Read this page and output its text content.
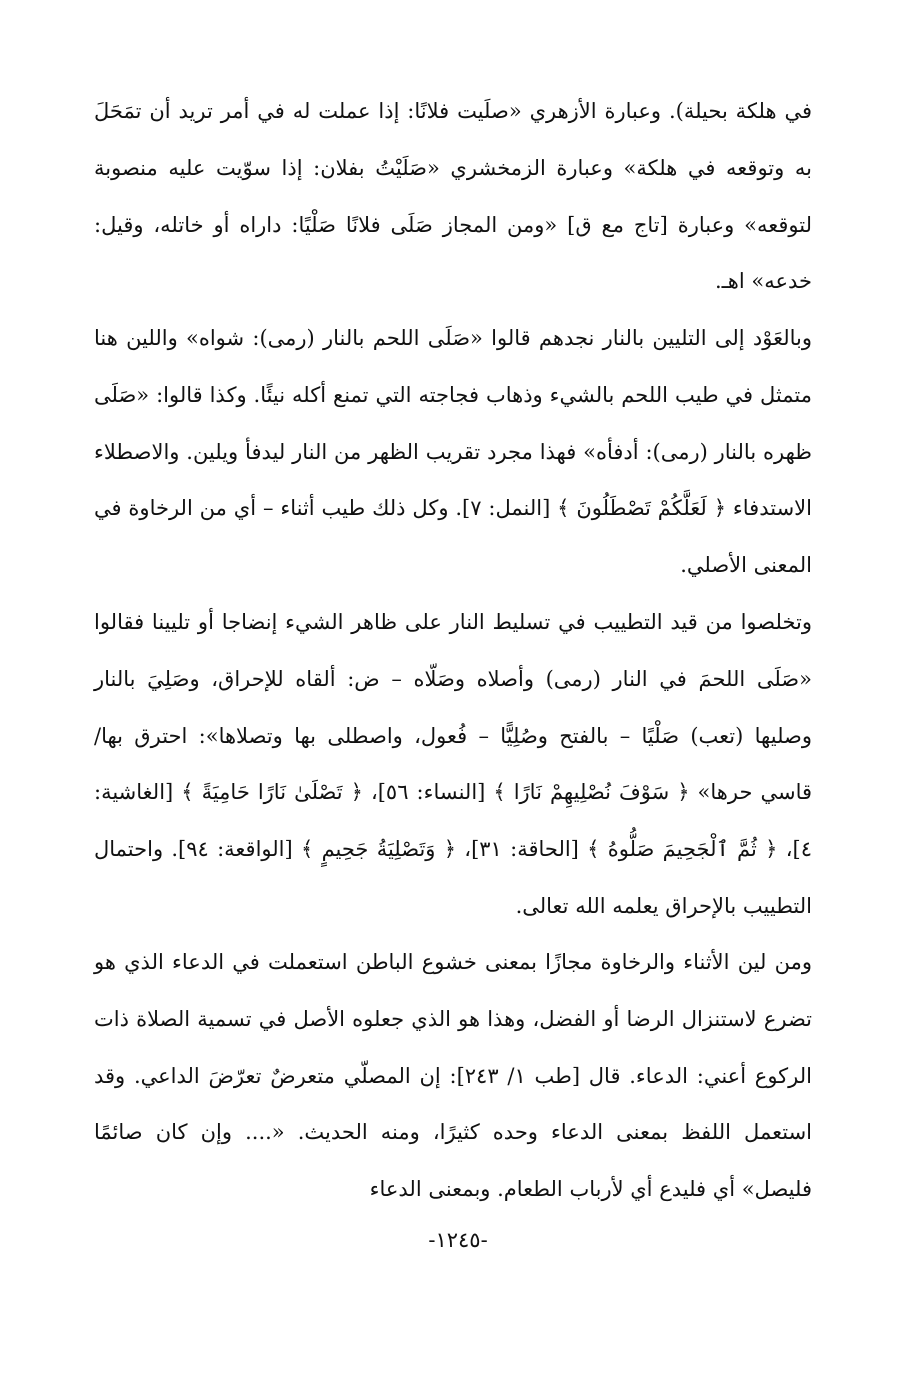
في هلكة بحيلة). وعبارة الأزهري «صلَيت فلانًا: إذا عملت له في أمر تريد أن تمَحَلَ به وتوقعه في هلكة» وعبارة الزمخشري «صَلَيْتُ بفلان: إذا سوّيت عليه منصوبة لتوقعه» وعبارة [تاج مع ق] «ومن المجاز صَلَى فلانًا صَلْيًا: داراه أو خاتله، وقيل: خدعه» اهـ.

وبالعَوْد إلى التليين بالنار نجدهم قالوا «صَلَى اللحم بالنار (رمى): شواه» واللين هنا متمثل في طيب اللحم بالشيء وذهاب فجاجته التي تمنع أكله نيئًا. وكذا قالوا: «صَلَى ظهره بالنار (رمى): أدفأه» فهذا مجرد تقريب الظهر من النار ليدفأ ويلين. والاصطلاء الاستدفاء ﴿ لَعَلَّكُمْ تَصْطَلُونَ ﴾ [النمل: ٧]. وكل ذلك طيب أثناء – أي من الرخاوة في المعنى الأصلي.

وتخلصوا من قيد التطييب في تسليط النار على ظاهر الشيء إنضاجا أو تليينا فقالوا «صَلَى اللحمَ في النار (رمى) وأصلاه وصَلّاه – ض: ألقاه للإحراق، وصَلِيَ بالنار وصليها (تعب) صَلْيًا – بالفتح وصُلِيًّا – فُعول، واصطلى بها وتصلاها»: احترق بها/ قاسي حرها» ﴿ سَوْفَ نُصْلِيهِمْ نَارًا ﴾ [النساء: ٥٦]، ﴿ تَصْلَىٰ نَارًا حَامِيَةً ﴾ [الغاشية: ٤]، ﴿ ثُمَّ ٱلْجَحِيمَ صَلُّوهُ ﴾ [الحاقة: ٣١]، ﴿ وَتَصْلِيَةُ جَحِيمٍ ﴾ [الواقعة: ٩٤]. واحتمال التطييب بالإحراق يعلمه الله تعالى.

ومن لين الأثناء والرخاوة مجازًا بمعنى خشوع الباطن استعملت في الدعاء الذي هو تضرع لاستنزال الرضا أو الفضل، وهذا هو الذي جعلوه الأصل في تسمية الصلاة ذات الركوع أعني: الدعاء. قال [طب ١/ ٢٤٣]: إن المصلّي متعرضٌ تعرّضَ الداعي. وقد استعمل اللفظ بمعنى الدعاء وحده كثيرًا، ومنه الحديث. «.... وإن كان صائمًا فليصل» أي فليدع أي لأرباب الطعام. وبمعنى الدعاء

-١٢٤٥-
